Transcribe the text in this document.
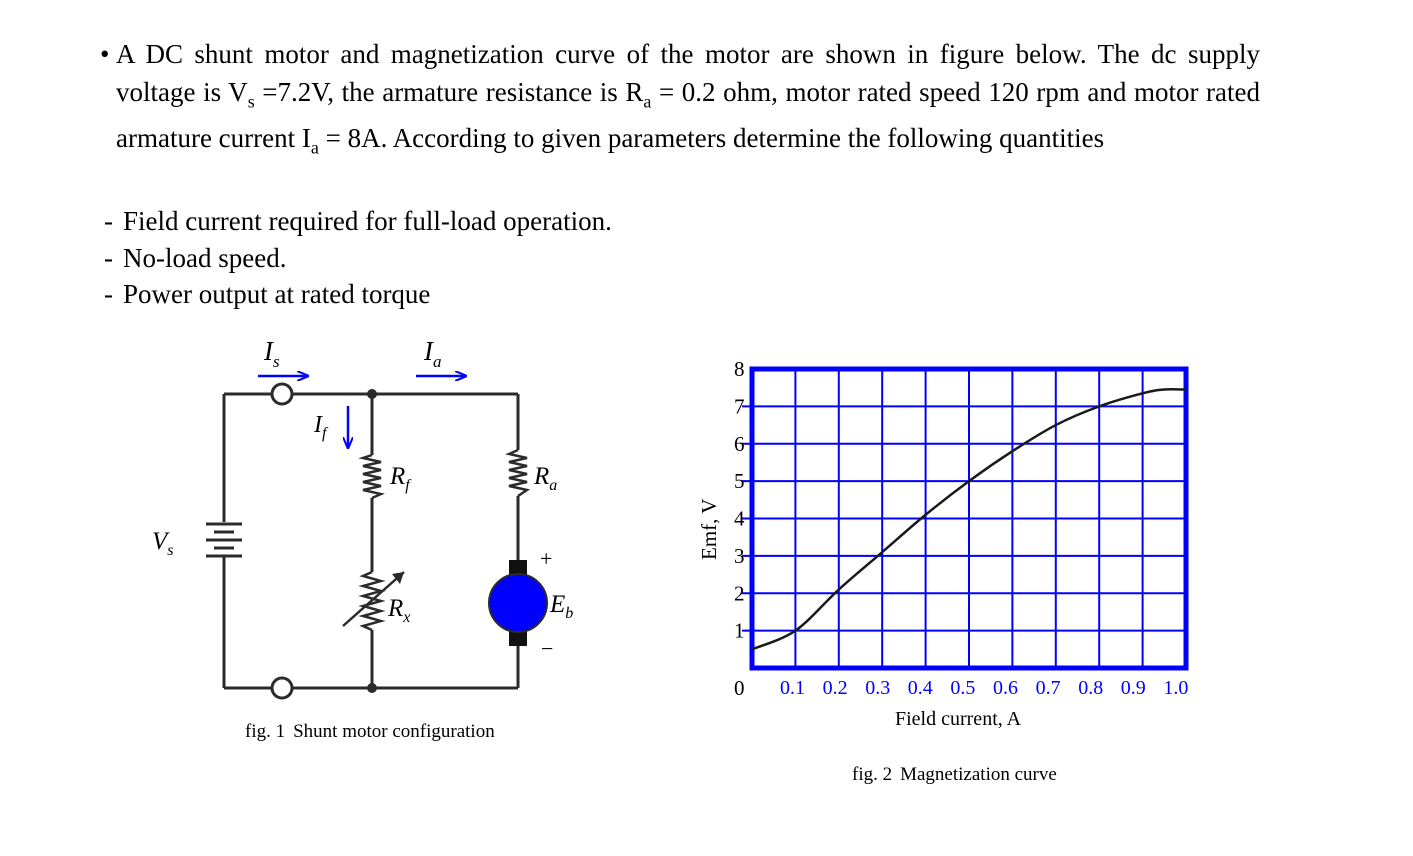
• A DC shunt motor and magnetization curve of the motor are shown in figure below. The dc supply voltage is $V_s =7.2V$, the armature resistance is $R_a = 0.2$ ohm, motor rated speed 120 rpm and motor rated armature current $I_a = 8A$. According to given parameters determine the following quantities
- Field current required for full-load operation.
- No-load speed.
- Power output at rated torque
$I_s$	$I_a$
$I_f$
$R_f$	$R_a$
$V_s$
$R_x$	$E_b$
+
−
fig. 1 Shunt motor configuration
1
2
3
4
5
6
7
8
0.1 0.2 0.3 0.4 0.5 0.6 0.7 0.8 0.9 1.0
0
Emf, V
Field current, A
fig. 2 Magnetization curve
